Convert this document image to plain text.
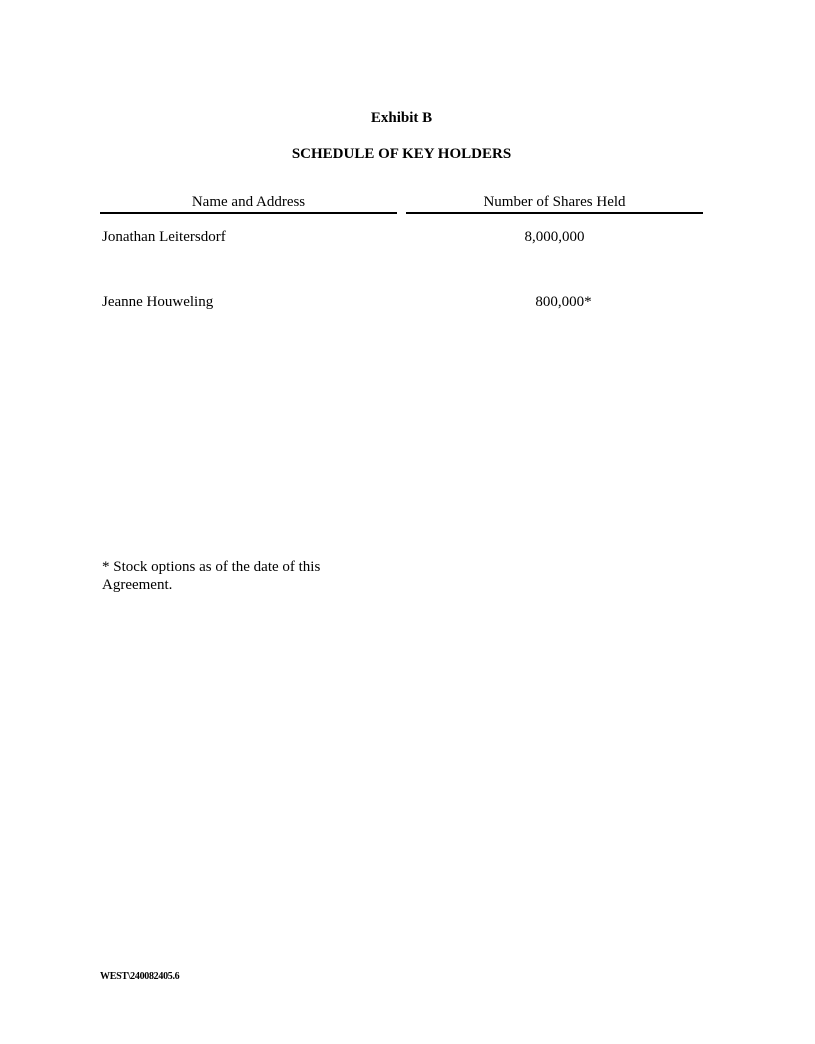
Exhibit B
SCHEDULE OF KEY HOLDERS
Name and Address	Number of Shares Held
Jonathan Leitersdorf	8,000,000
Jeanne Houweling	800,000*
* Stock options as of the date of this Agreement.
WEST\240082405.6
